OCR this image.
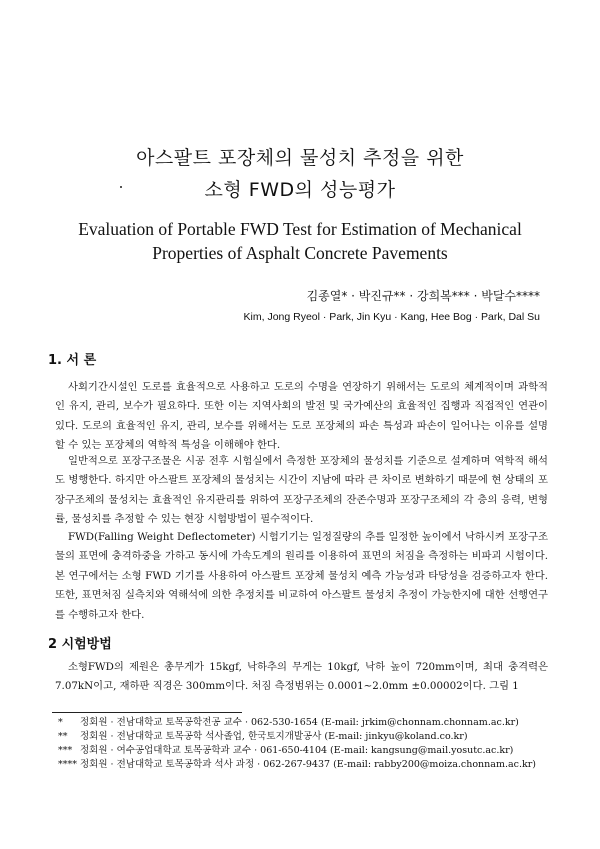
아스팔트 포장체의 물성치 추정을 위한
소형 FWD의 성능평가
Evaluation of Portable FWD Test for Estimation of Mechanical
Properties of Asphalt Concrete Pavements
김종열* · 박진규** · 강희복*** · 박달수****
Kim, Jong Ryeol · Park, Jin Kyu · Kang, Hee Bog · Park, Dal Su
1. 서 론

사회기간시설인 도로를 효율적으로 사용하고 도로의 수명을 연장하기 위해서는 도로의 체계적이며 과학적인 유지, 관리, 보수가 필요하다. 또한 이는 지역사회의 발전 및 국가예산의 효율적인 집행과 직접적인 연관이 있다. 도로의 효율적인 유지, 관리, 보수를 위해서는 도로 포장체의 파손 특성과 파손이 일어나는 이유를 설명할 수 있는 포장체의 역학적 특성을 이해해야 한다.

일반적으로 포장구조물은 시공 전후 시험실에서 측정한 포장체의 물성치를 기준으로 설계하며 역학적 해석도 병행한다. 하지만 아스팔트 포장체의 물성치는 시간이 지남에 따라 큰 차이로 변화하기 때문에 현 상태의 포장구조체의 물성치는 효율적인 유지관리를 위하여 포장구조체의 잔존수명과 포장구조체의 각 층의 응력, 변형률, 물성치를 추정할 수 있는 현장 시험방법이 필수적이다.

FWD(Falling Weight Deflectometer) 시험기기는 일정질량의 추를 일정한 높이에서 낙하시켜 포장구조물의 표면에 충격하중을 가하고 동시에 가속도계의 원리를 이용하여 표면의 처짐을 측정하는 비파괴 시험이다. 본 연구에서는 소형 FWD 기기를 사용하여 아스팔트 포장체 물성치 예측 가능성과 타당성을 검증하고자 한다. 또한, 표면처짐 실측치와 역해석에 의한 추정치를 비교하여 아스팔트 물성치 추정이 가능한지에 대한 선행연구를 수행하고자 한다.

2 시험방법

소형FWD의 제원은 총무게가 15kgf, 낙하추의 무게는 10kgf, 낙하 높이 720mm이며, 최대 충격력은 7.07kN이고, 재하판 직경은 300mm이다. 처짐 측정범위는 0.0001∼2.0mm ±0.00002이다. 그림 1

* 정회원 · 전남대학교 토목공학전공 교수 · 062-530-1654 (E-mail: jrkim@chonnam.chonnam.ac.kr)
** 정회원 · 전남대학교 토목공학 석사졸업, 한국토지개발공사 (E-mail: jinkyu@koland.co.kr)
*** 정회원 · 여수공업대학교 토목공학과 교수 · 061-650-4104 (E-mail: kangsung@mail.yosutc.ac.kr)
**** 정회원 · 전남대학교 토목공학과 석사 과정 · 062-267-9437 (E-mail: rabby200@moiza.chonnam.ac.kr)
